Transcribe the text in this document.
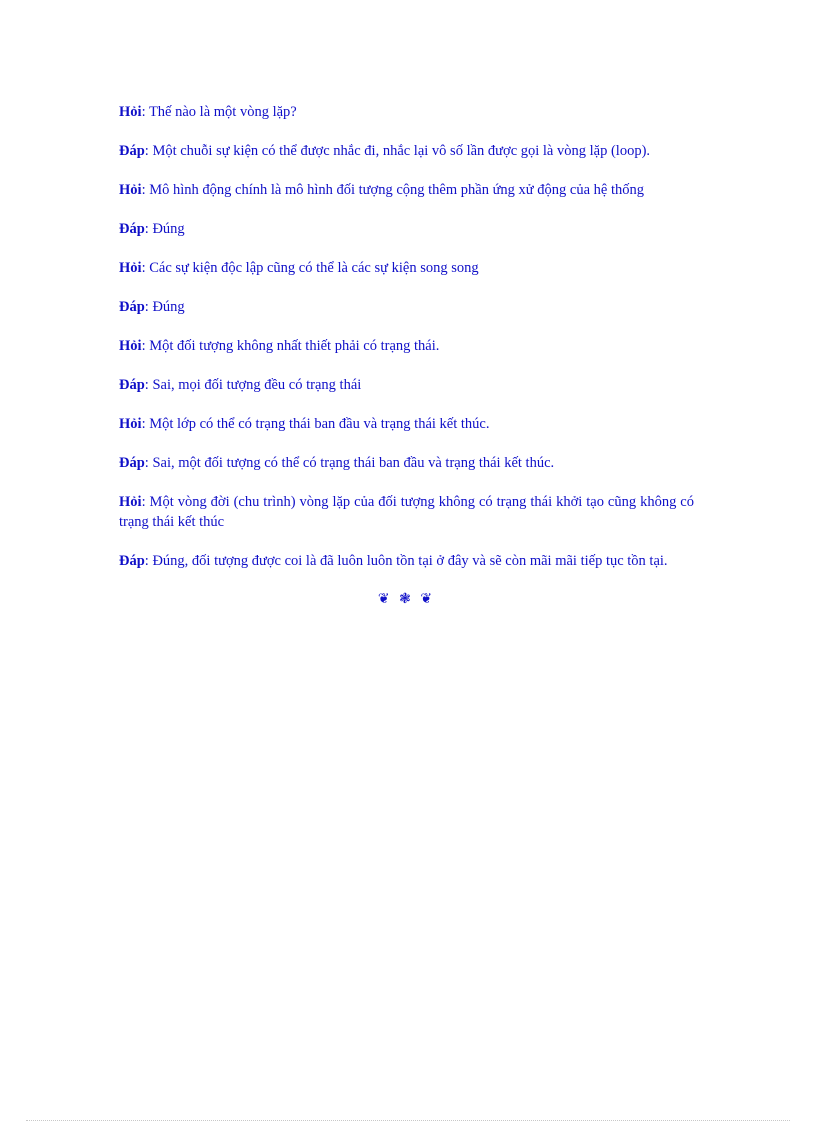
Hỏi: Thế nào là một vòng lặp?

Đáp: Một chuỗi sự kiện có thể được nhắc đi, nhắc lại vô số lần được gọi là vòng lặp (loop).

Hỏi: Mô hình động chính là mô hình đối tượng cộng thêm phần ứng xử động của hệ thống

Đáp: Đúng

Hỏi: Các sự kiện độc lập cũng có thể là các sự kiện song song

Đáp: Đúng

Hỏi: Một đối tượng không nhất thiết phải có trạng thái.

Đáp: Sai, mọi đối tượng đều có trạng thái

Hỏi: Một lớp có thể có trạng thái ban đầu và trạng thái kết thúc.

Đáp: Sai, một đối tượng có thể có trạng thái ban đầu và trạng thái kết thúc.

Hỏi: Một vòng đời (chu trình) vòng lặp của đối tượng không có trạng thái khởi tạo cũng không có trạng thái kết thúc

Đáp: Đúng, đối tượng được coi là đã luôn luôn tồn tại ở đây và sẽ còn mãi mãi tiếp tục tồn tại.

❦ ❃ ❦
